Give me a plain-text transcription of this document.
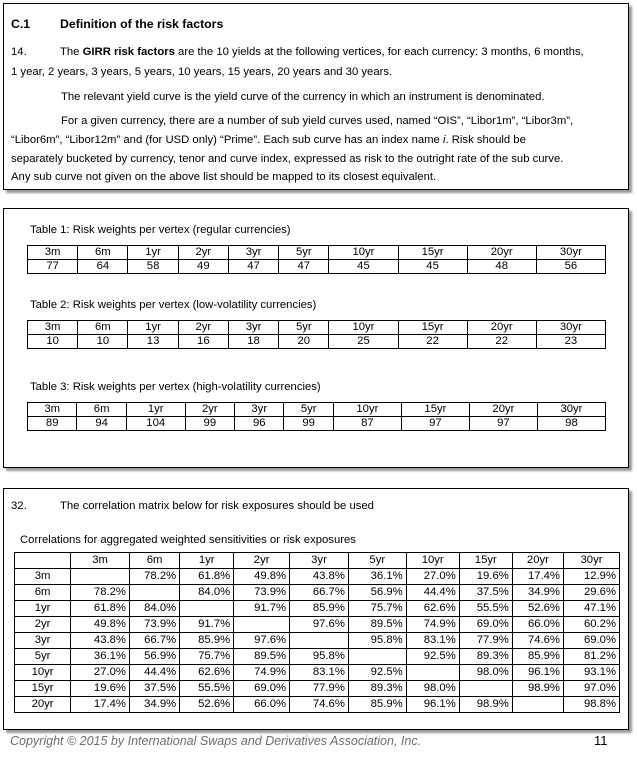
C.1 Definition of the risk factors
14.	The GIRR risk factors are the 10 yields at the following vertices, for each currency: 3 months, 6 months,
1 year, 2 years, 3 years, 5 years, 10 years, 15 years, 20 years and 30 years.
The relevant yield curve is the yield curve of the currency in which an instrument is denominated.
For a given currency, there are a number of sub yield curves used, named “OIS”, “Libor1m”, “Libor3m”,
“Libor6m”, “Libor12m” and (for USD only) “Prime”. Each sub curve has an index name i. Risk should be
separately bucketed by currency, tenor and curve index, expressed as risk to the outright rate of the sub curve.
Any sub curve not given on the above list should be mapped to its closest equivalent.
Table 1: Risk weights per vertex (regular currencies)
3m	6m	1yr	2yr	3yr	5yr	10yr	15yr	20yr	30yr
77	64	58	49	47	47	45	45	48	56
Table 2: Risk weights per vertex (low-volatility currencies)
3m	6m	1yr	2yr	3yr	5yr	10yr	15yr	20yr	30yr
10	10	13	16	18	20	25	22	22	23
Table 3: Risk weights per vertex (high-volatility currencies)
3m	6m	1yr	2yr	3yr	5yr	10yr	15yr	20yr	30yr
89	94	104	99	96	99	87	97	97	98
32.	The correlation matrix below for risk exposures should be used
Correlations for aggregated weighted sensitivities or risk exposures
	3m	6m	1yr	2yr	3yr	5yr	10yr	15yr	20yr	30yr
3m		78.2%	61.8%	49.8%	43.8%	36.1%	27.0%	19.6%	17.4%	12.9%
6m	78.2%		84.0%	73.9%	66.7%	56.9%	44.4%	37.5%	34.9%	29.6%
1yr	61.8%	84.0%		91.7%	85.9%	75.7%	62.6%	55.5%	52.6%	47.1%
2yr	49.8%	73.9%	91.7%		97.6%	89.5%	74.9%	69.0%	66.0%	60.2%
3yr	43.8%	66.7%	85.9%	97.6%		95.8%	83.1%	77.9%	74.6%	69.0%
5yr	36.1%	56.9%	75.7%	89.5%	95.8%		92.5%	89.3%	85.9%	81.2%
10yr	27.0%	44.4%	62.6%	74.9%	83.1%	92.5%		98.0%	96.1%	93.1%
15yr	19.6%	37.5%	55.5%	69.0%	77.9%	89.3%	98.0%		98.9%	97.0%
20yr	17.4%	34.9%	52.6%	66.0%	74.6%	85.9%	96.1%	98.9%		98.8%
Copyright © 2015 by International Swaps and Derivatives Association, Inc.	11
